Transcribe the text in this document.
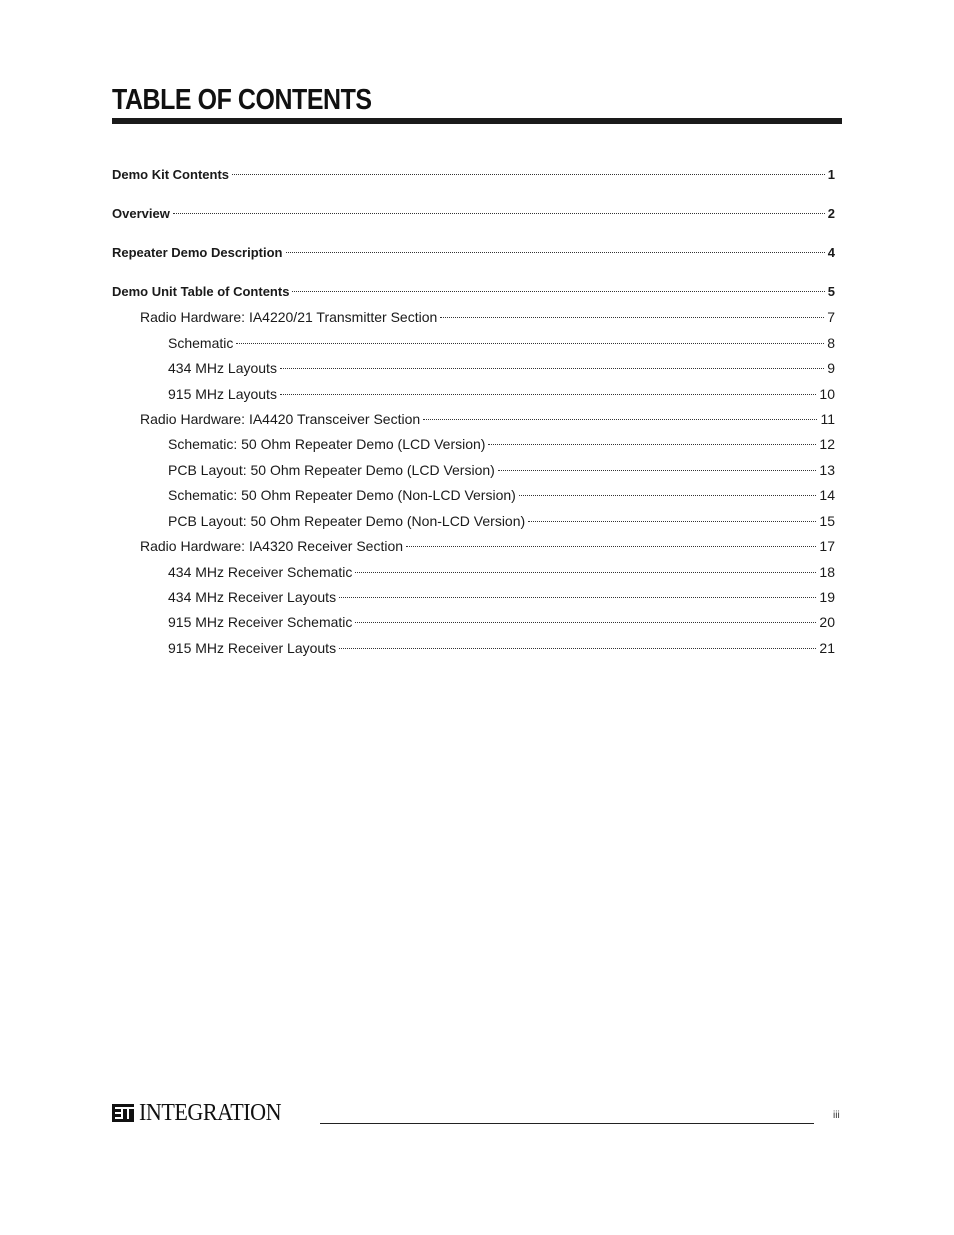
TABLE OF CONTENTS
Demo Kit Contents	1
Overview	2
Repeater Demo Description	4
Demo Unit Table of Contents	5
Radio Hardware: IA4220/21 Transmitter Section	7
Schematic	8
434 MHz Layouts	9
915 MHz Layouts	10
Radio Hardware: IA4420 Transceiver Section	11
Schematic: 50 Ohm Repeater Demo (LCD Version)	12
PCB Layout: 50 Ohm Repeater Demo (LCD Version)	13
Schematic: 50 Ohm Repeater Demo (Non-LCD Version)	14
PCB Layout: 50 Ohm Repeater Demo (Non-LCD Version)	15
Radio Hardware: IA4320 Receiver Section	17
434 MHz Receiver Schematic	18
434 MHz Receiver Layouts	19
915 MHz Receiver Schematic	20
915 MHz Receiver Layouts	21
INTEGRATION	iii
